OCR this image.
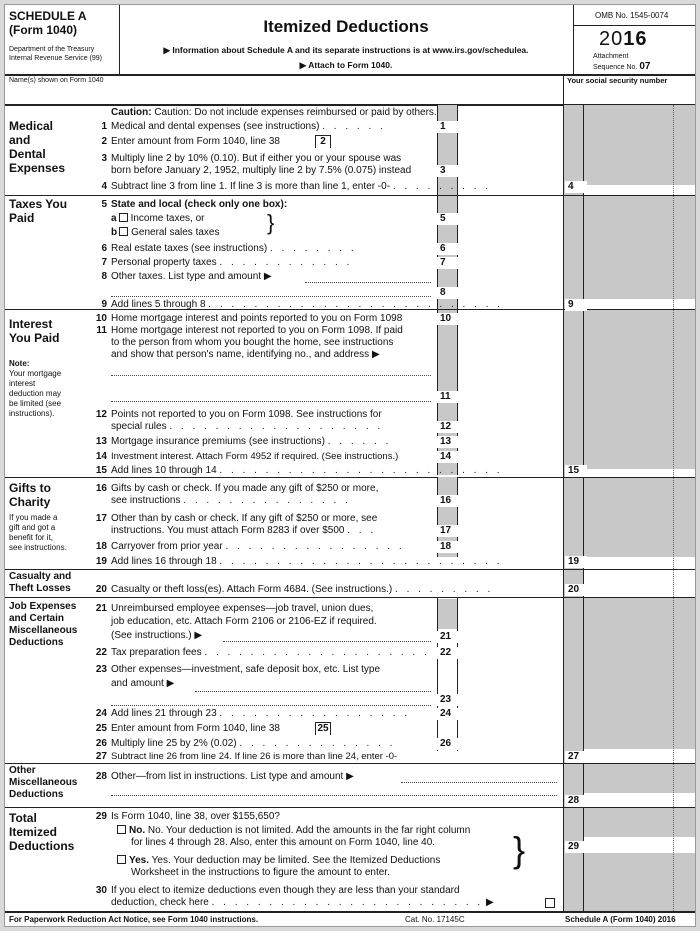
SCHEDULE A
(Form 1040)
Department of the Treasury
Internal Revenue Service (99)
Itemized Deductions
▶ Information about Schedule A and its separate instructions is at www.irs.gov/schedulea.
▶ Attach to Form 1040.
OMB No. 1545-0074
2016
Attachment
Sequence No. 07
Name(s) shown on Form 1040	Your social security number
Medical
and
Dental
Expenses
Caution: Caution: Do not include expenses reimbursed or paid by others.
1 Medical and dental expenses (see instructions) . . . . . .	1
2 Enter amount from Form 1040, line 38	2
3 Multiply line 2 by 10% (0.10). But if either you or your spouse was
born before January 2, 1952, multiply line 2 by 7.5% (0.075) instead	3
4 Subtract line 3 from line 1. If line 3 is more than line 1, enter -0- . . . . . . . . .	4
Taxes You
Paid
5 State and local (check only one box):
a Income taxes, or
b General sales taxes }	5
6 Real estate taxes (see instructions) . . . . . . . .	6
7 Personal property taxes . . . . . . . . . . . .	7
8 Other taxes. List type and amount ▶
8
9 Add lines 5 through 8 . . . . . . . . . . . . . . . . . . . . . . . . . .	9
Interest
You Paid
Note:
Your mortgage
interest
deduction may
be limited (see
instructions).
10 Home mortgage interest and points reported to you on Form 1098	10
11 Home mortgage interest not reported to you on Form 1098. If paid
to the person from whom you bought the home, see instructions
and show that person's name, identifying no., and address ▶
11
12 Points not reported to you on Form 1098. See instructions for
special rules . . . . . . . . . . . . . . . . . . .	12
13 Mortgage insurance premiums (see instructions) . . . . . .	13
14 Investment interest. Attach Form 4952 if required. (See instructions.)	14
15 Add lines 10 through 14 . . . . . . . . . . . . . . . . . . . . . . . . .	15
Gifts to
Charity
If you made a
gift and got a
benefit for it,
see instructions.
16 Gifts by cash or check. If you made any gift of $250 or more,
see instructions . . . . . . . . . . . . . . .	16
17 Other than by cash or check. If any gift of $250 or more, see
instructions. You must attach Form 8283 if over $500 . . .	17
18 Carryover from prior year . . . . . . . . . . . . . . . .	18
19 Add lines 16 through 18 . . . . . . . . . . . . . . . . . . . . . . . . .	19
Casualty and
Theft Losses	20 Casualty or theft loss(es). Attach Form 4684. (See instructions.) . . . . . . . . .	20
Job Expenses
and Certain
Miscellaneous
Deductions
21 Unreimbursed employee expenses—job travel, union dues,
job education, etc. Attach Form 2106 or 2106-EZ if required.
(See instructions.) ▶	21
22 Tax preparation fees . . . . . . . . . . . . . . . . . . . .	22
23 Other expenses—investment, safe deposit box, etc. List type
and amount ▶
23
24 Add lines 21 through 23 . . . . . . . . . . . . . . . . .	24
25 Enter amount from Form 1040, line 38	25
26 Multiply line 25 by 2% (0.02) . . . . . . . . . . . . . .	26
27 Subtract line 26 from line 24. If line 26 is more than line 24, enter -0-	27
Other
Miscellaneous
Deductions
28 Other—from list in instructions. List type and amount ▶
28
Total
Itemized
Deductions
29 Is Form 1040, line 38, over $155,650?
No. No. Your deduction is not limited. Add the amounts in the far right column
for lines 4 through 28. Also, enter this amount on Form 1040, line 40.
Yes. Yes. Your deduction may be limited. See the Itemized Deductions
Worksheet in the instructions to figure the amount to enter.
}	29
30 If you elect to itemize deductions even though they are less than your standard
deduction, check here . . . . . . . . . . . . . . . . . . . . . . . . ▶
For Paperwork Reduction Act Notice, see Form 1040 instructions.	Cat. No. 17145C	Schedule A (Form 1040) 2016
